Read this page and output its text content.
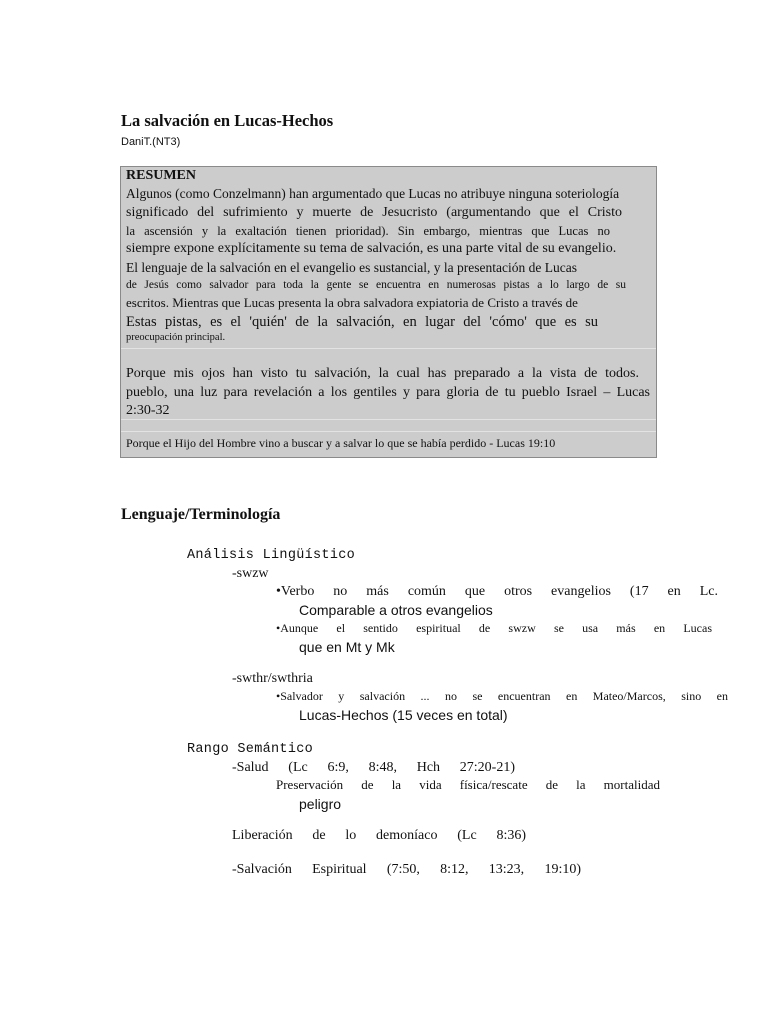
La salvación en Lucas-Hechos
DaniT.(NT3)
RESUMEN
Algunos (como Conzelmann) han argumentado que Lucas no atribuye ninguna soteriología
significado del sufrimiento y muerte de Jesucristo (argumentando que el Cristo
la ascensión y la exaltación tienen prioridad). Sin embargo, mientras que Lucas no
siempre expone explícitamente su tema de salvación, es una parte vital de su evangelio.
El lenguaje de la salvación en el evangelio es sustancial, y la presentación de Lucas
de Jesús como salvador para toda la gente se encuentra en numerosas pistas a lo largo de su
escritos. Mientras que Lucas presenta la obra salvadora expiatoria de Cristo a través de
Estas pistas, es el 'quién' de la salvación, en lugar del 'cómo' que es su
preocupación principal.
Porque mis ojos han visto tu salvación, la cual has preparado a la vista de todos.
pueblo, una luz para revelación a los gentiles y para gloria de tu pueblo Israel – Lucas
2:30-32
Porque el Hijo del Hombre vino a buscar y a salvar lo que se había perdido - Lucas 19:10
Lenguaje/Terminología
Análisis Lingüístico
-swzw
•Verbo no más común que otros evangelios (17 en Lc.
Comparable a otros evangelios
•Aunque el sentido espiritual de swzw se usa más en Lucas
que en Mt y Mk
-swthr/swthria
•Salvador y salvación ... no se encuentran en Mateo/Marcos, sino en
Lucas-Hechos (15 veces en total)
Rango Semántico
-Salud (Lc 6:9, 8:48, Hch 27:20-21)
Preservación de la vida física/rescate de la mortalidad
peligro
Liberación de lo demoníaco (Lc 8:36)
-Salvación Espiritual (7:50, 8:12, 13:23, 19:10)
